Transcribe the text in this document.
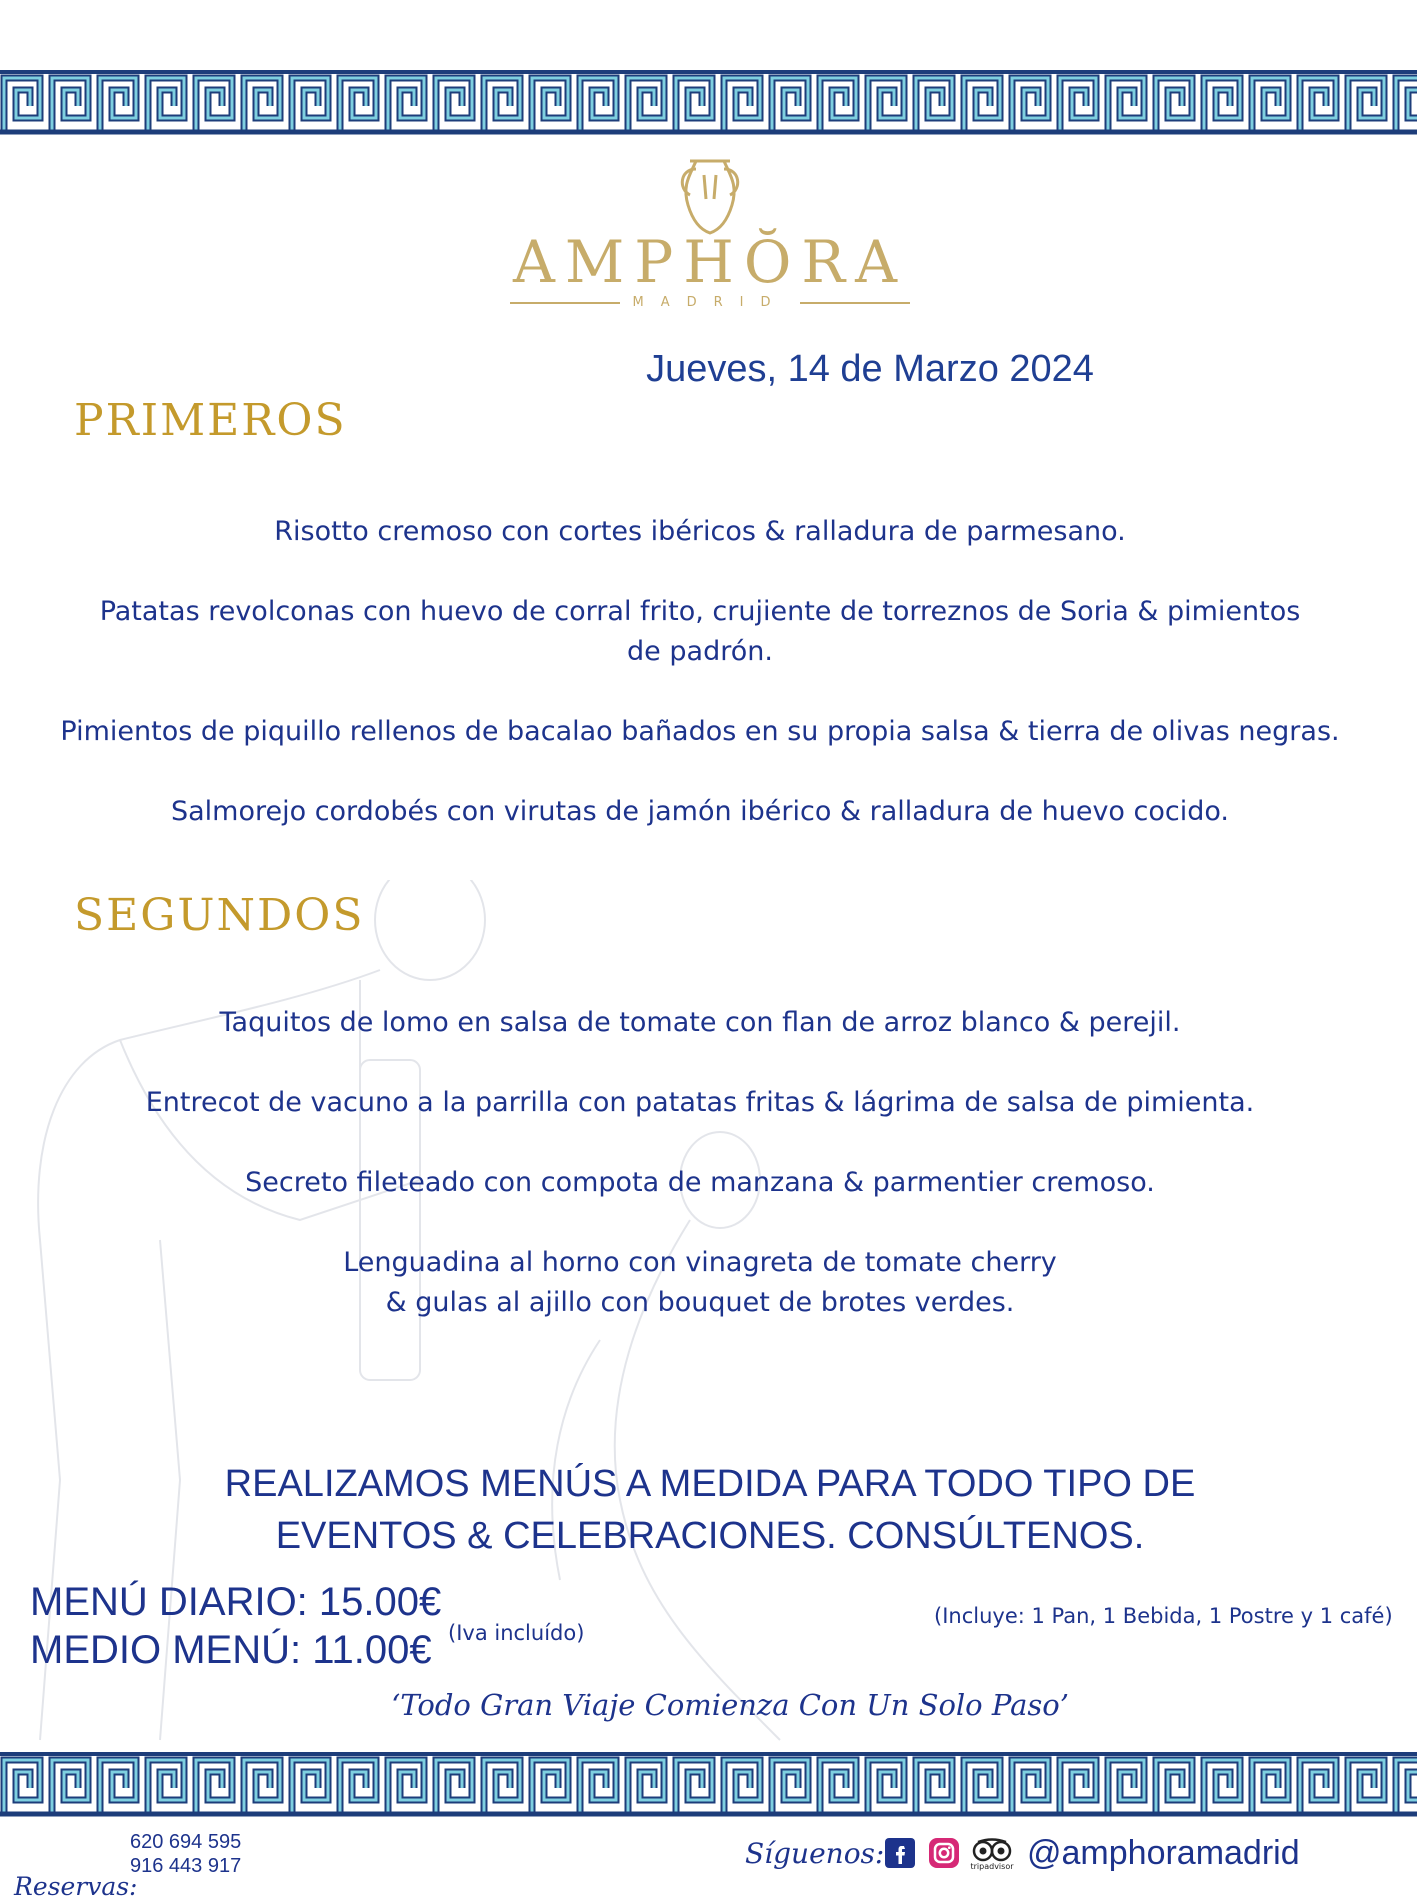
AMPHŎRA
MADRID
Jueves, 14 de Marzo 2024
PRIMEROS

Risotto cremoso con cortes ibéricos & ralladura de parmesano.

Patatas revolconas con huevo de corral frito, crujiente de torreznos de Soria & pimientos de padrón.

Pimientos de piquillo rellenos de bacalao bañados en su propia salsa & tierra de olivas negras.

Salmorejo cordobés con virutas de jamón ibérico & ralladura de huevo cocido.

SEGUNDOS

Taquitos de lomo en salsa de tomate con flan de arroz blanco & perejil.

Entrecot de vacuno a la parrilla con patatas fritas & lágrima de salsa de pimienta.

Secreto fileteado con compota de manzana & parmentier cremoso.

Lenguadina al horno con vinagreta de tomate cherry & gulas al ajillo con bouquet de brotes verdes.

REALIZAMOS MENÚS A MEDIDA PARA TODO TIPO DE EVENTOS & CELEBRACIONES. CONSÚLTENOS.
MENÚ DIARIO: 15.00€
MEDIO MENÚ: 11.00€ (Iva incluído)
(Incluye: 1 Pan, 1 Bebida, 1 Postre y 1 café)
‘Todo Gran Viaje Comienza Con Un Solo Paso’
Reservas:
620 694 595
916 443 917	Síguenos:	tripadvisor @amphoramadrid
